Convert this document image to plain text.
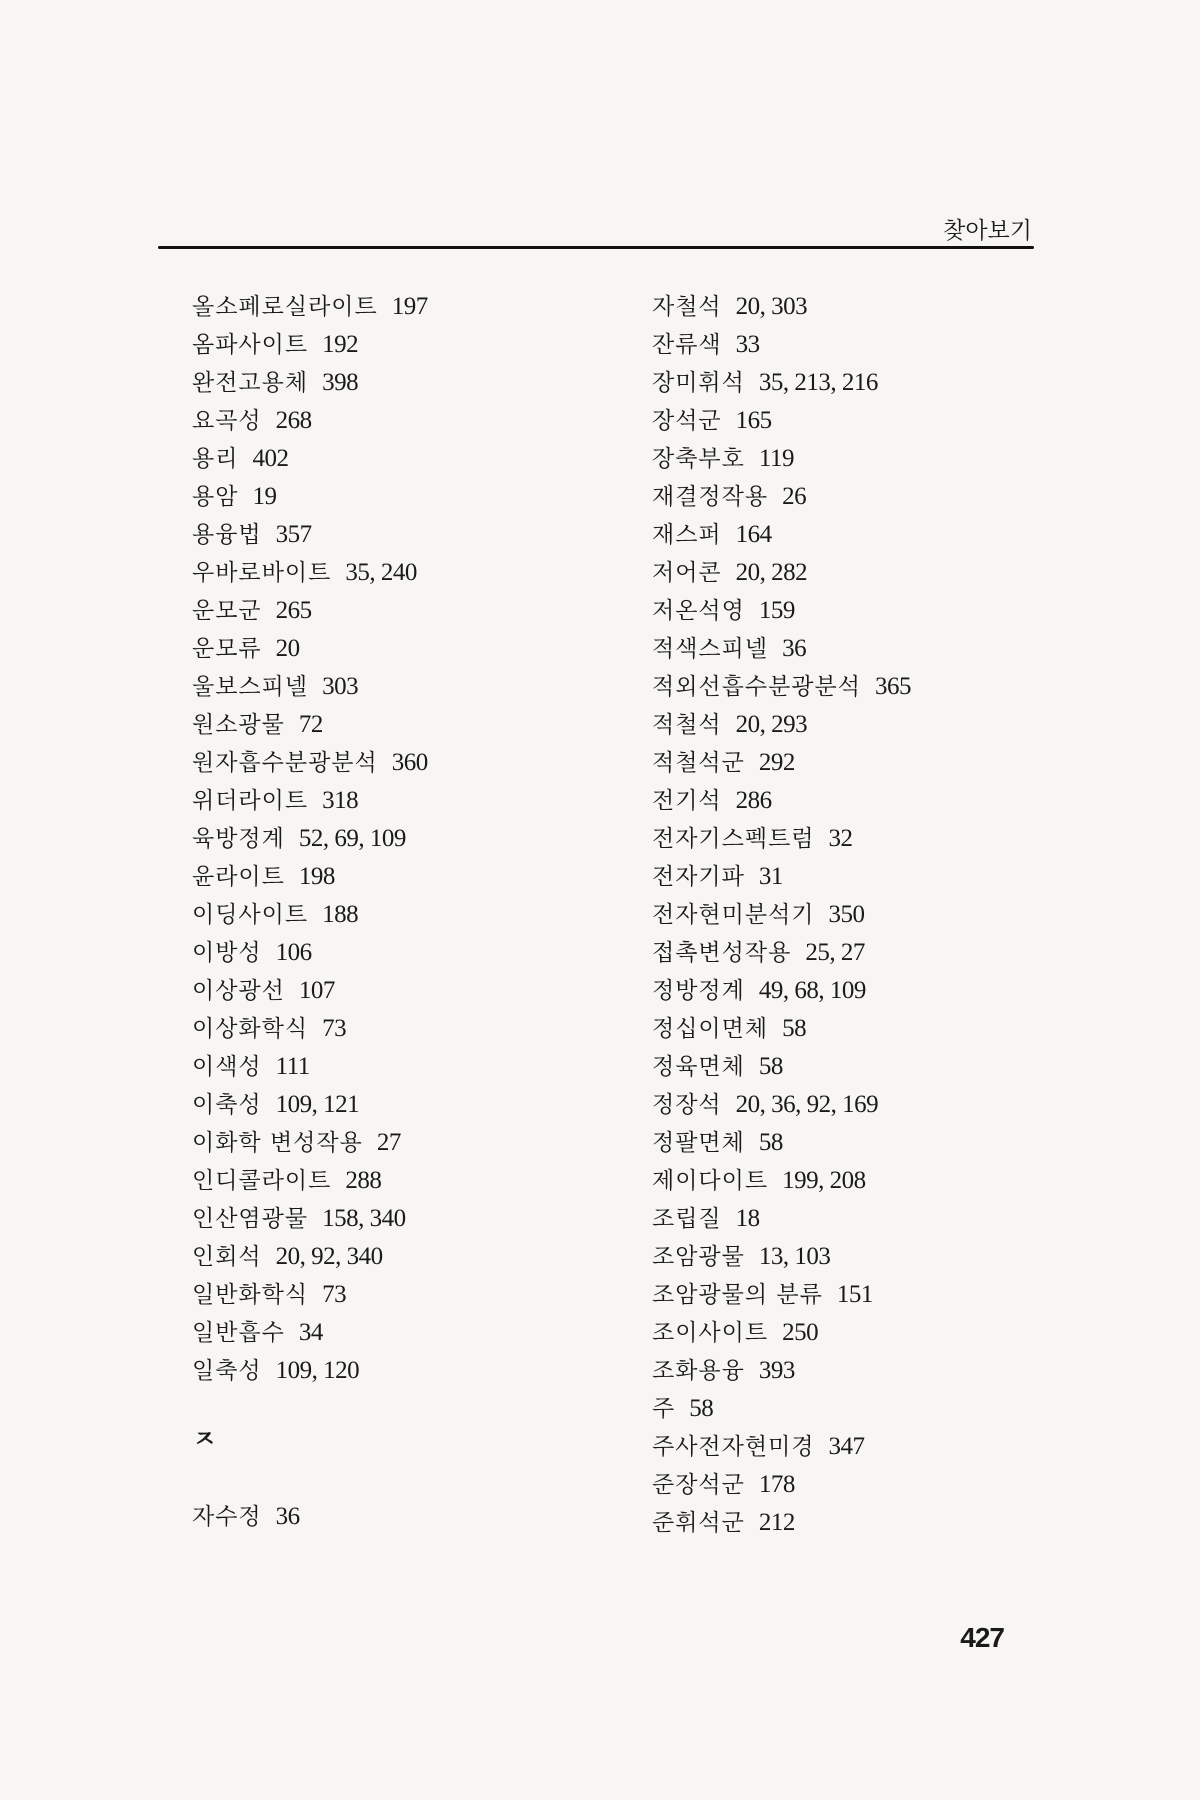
찾아보기
올소페로실라이트 197
옴파사이트 192
완전고용체 398
요곡성 268
용리 402
용암 19
용융법 357
우바로바이트 35, 240
운모군 265
운모류 20
울보스피넬 303
원소광물 72
원자흡수분광분석 360
위더라이트 318
육방정계 52, 69, 109
윤라이트 198
이딩사이트 188
이방성 106
이상광선 107
이상화학식 73
이색성 111
이축성 109, 121
이화학 변성작용 27
인디콜라이트 288
인산염광물 158, 340
인회석 20, 92, 340
일반화학식 73
일반흡수 34
일축성 109, 120
ㅈ
자수정 36
자철석 20, 303
잔류색 33
장미휘석 35, 213, 216
장석군 165
장축부호 119
재결정작용 26
재스퍼 164
저어콘 20, 282
저온석영 159
적색스피넬 36
적외선흡수분광분석 365
적철석 20, 293
적철석군 292
전기석 286
전자기스펙트럼 32
전자기파 31
전자현미분석기 350
접촉변성작용 25, 27
정방정계 49, 68, 109
정십이면체 58
정육면체 58
정장석 20, 36, 92, 169
정팔면체 58
제이다이트 199, 208
조립질 18
조암광물 13, 103
조암광물의 분류 151
조이사이트 250
조화용융 393
주 58
주사전자현미경 347
준장석군 178
준휘석군 212
427
